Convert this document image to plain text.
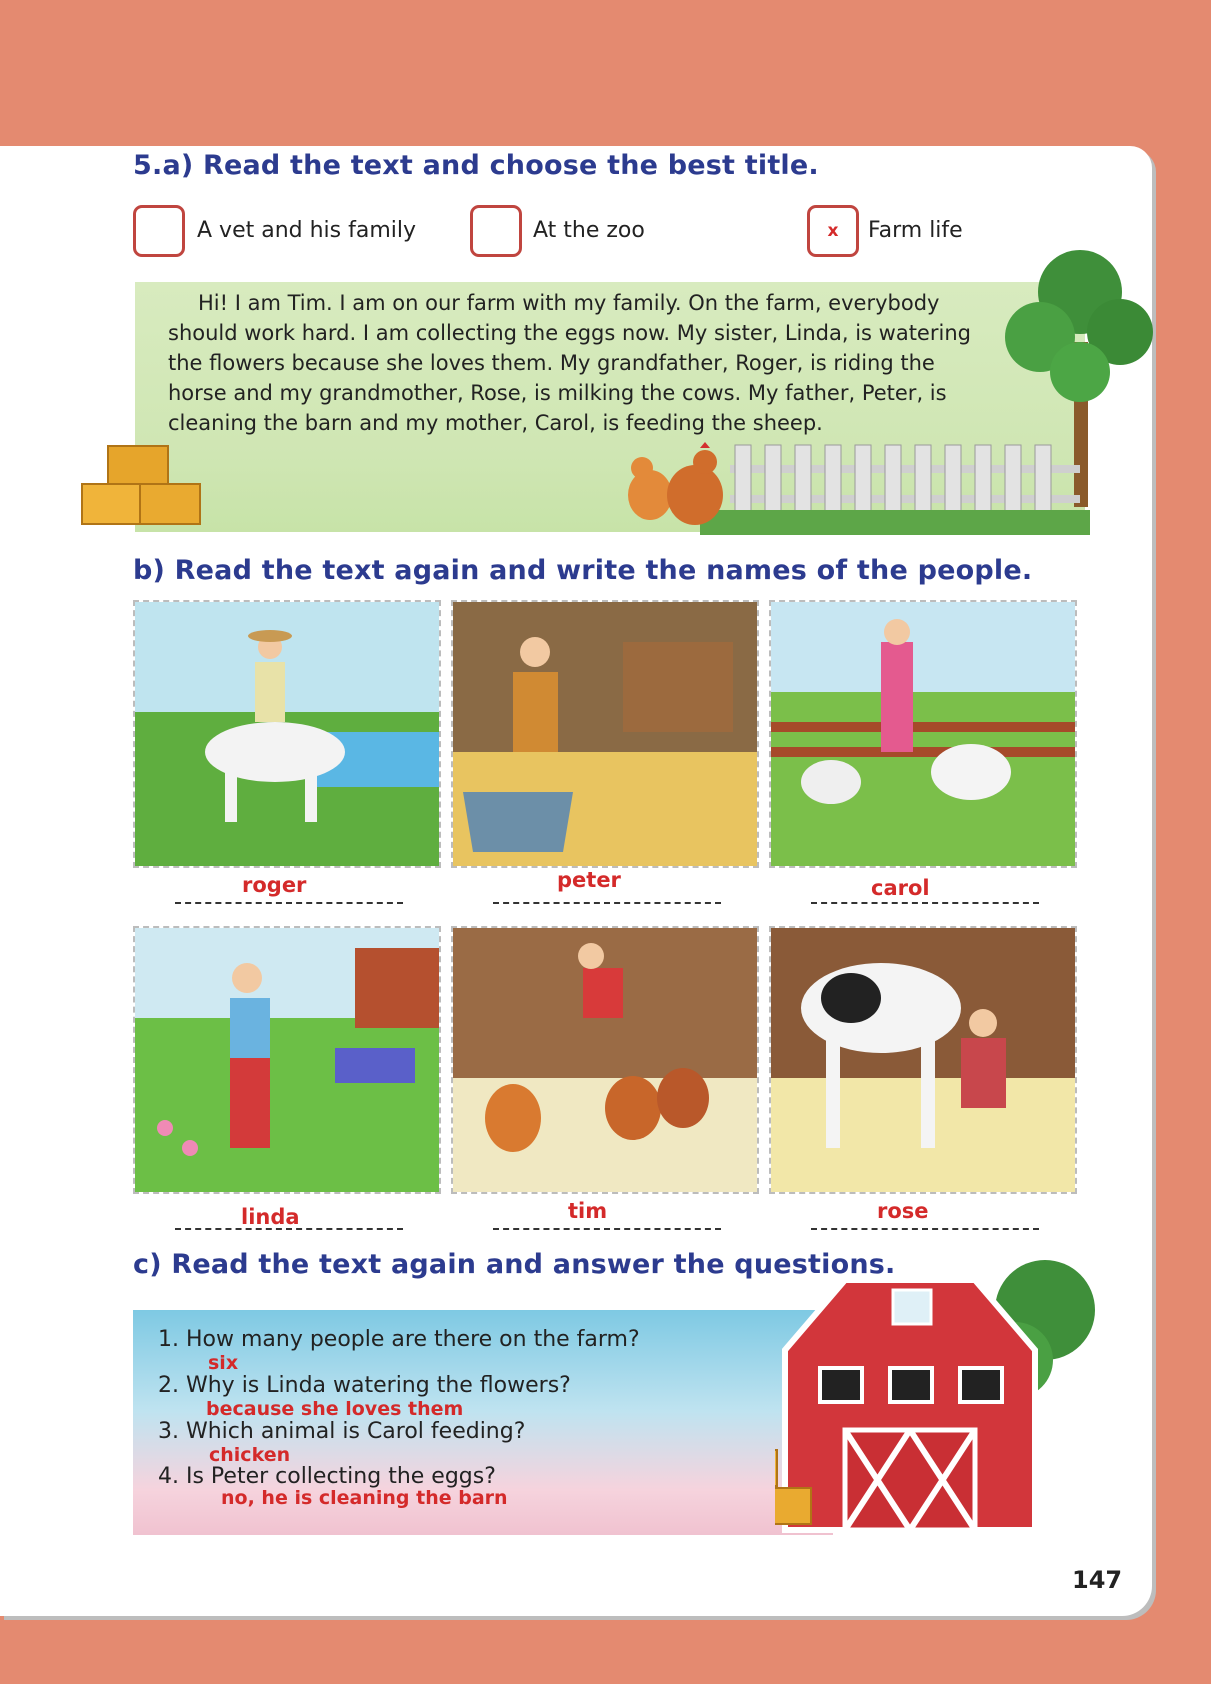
5.a) Read the text and choose the best title.
A vet and his family	At the zoo	x	Farm life
Hi! I am Tim. I am on our farm with my family. On the farm, everybody should work hard. I am collecting the eggs now. My sister, Linda, is watering the flowers because she loves them. My grandfather, Roger, is riding the horse and my grandmother, Rose, is milking the cows. My father, Peter, is cleaning the barn and my mother, Carol, is feeding the sheep.
b) Read the text again and write the names of the people.
roger	peter	carol
linda	tim	rose
c) Read the text again and answer the questions.
1. How many people are there on the farm?
six
2. Why is Linda watering the flowers?
because she loves them
3. Which animal is Carol feeding?
chicken
4. Is Peter collecting the eggs?
no, he is cleaning the barn
147
